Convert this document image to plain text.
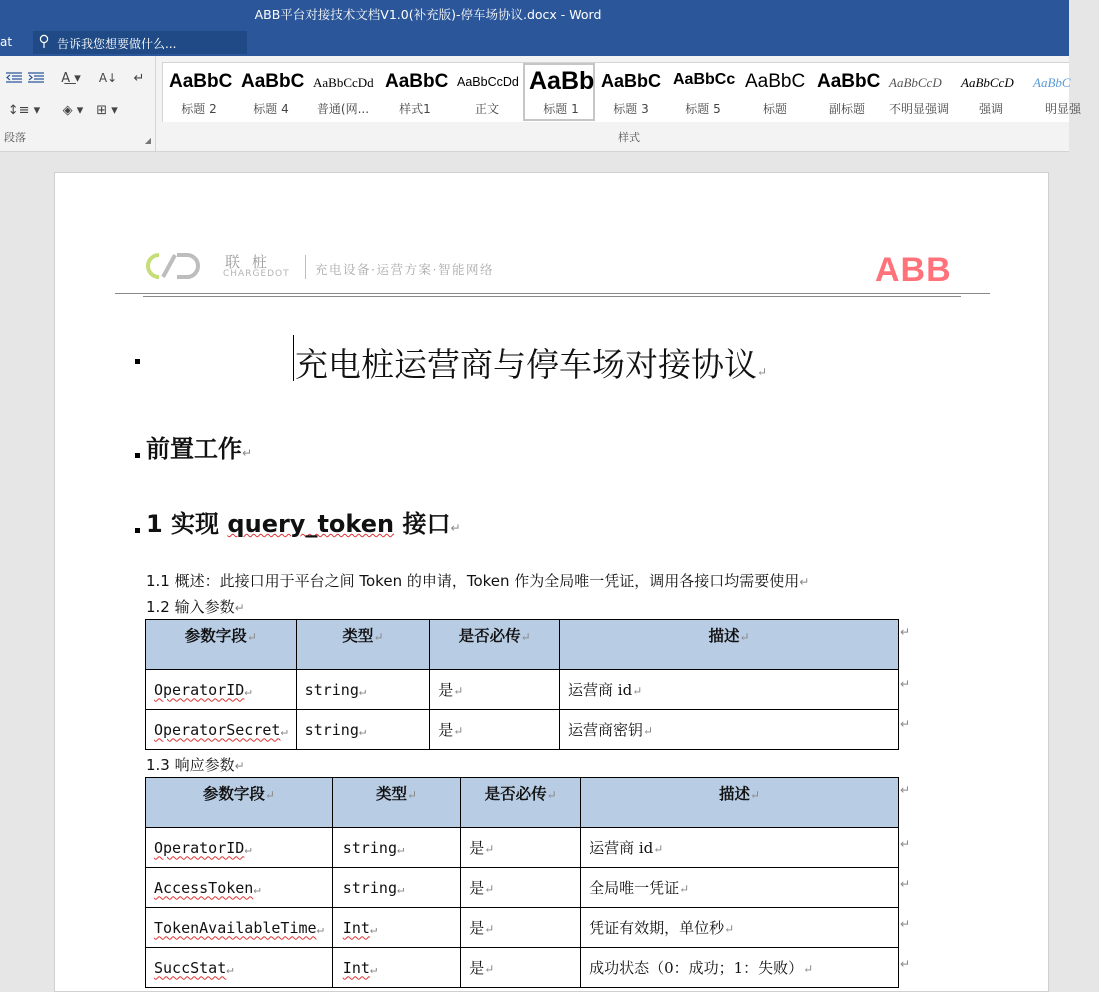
ABB平台对接技术文档V1.0(补充版)-停车场协议.docx - Word
at	告诉我您想要做什么...
A͟ ▾ A↓ ↵
↕≡ ▾ ◈ ▾ ⊞ ▾
段落	◢
AaBbC
标题 2
AaBbC
标题 4
AaBbCcDd
普通(网...
AaBbC
样式1
AaBbCcDd
正文
AaBb
标题 1
AaBbC
标题 3
AaBbCc
标题 5
AaBbC
标题
AaBbC
副标题
AaBbCcD
不明显强调
AaBbCcD
强调
AaBbC
明显强
样式
联桩
CHARGEDOT 充电设备·运营方案·智能网络	ABB
充电桩运营商与停车场对接协议↵
前置工作↵
1 实现 query_token 接口↵
1.1 概述：此接口用于平台之间 Token 的申请，Token 作为全局唯一凭证，调用各接口均需要使用↵
1.2 输入参数↵
参数字段↵	类型↵	是否必传↵	描述↵
OperatorID↵	string↵	是↵	运营商 id↵
OperatorSecret↵	string↵	是↵	运营商密钥↵
↵
↵
↵
1.3 响应参数↵
参数字段↵	类型↵	是否必传↵	描述↵
OperatorID↵	string↵	是↵	运营商 id↵
AccessToken↵	string↵	是↵	全局唯一凭证↵
TokenAvailableTime↵	Int↵	是↵	凭证有效期，单位秒↵
SuccStat↵	Int↵	是↵	成功状态（0：成功；1：失败）↵
↵
↵
↵
↵
↵
